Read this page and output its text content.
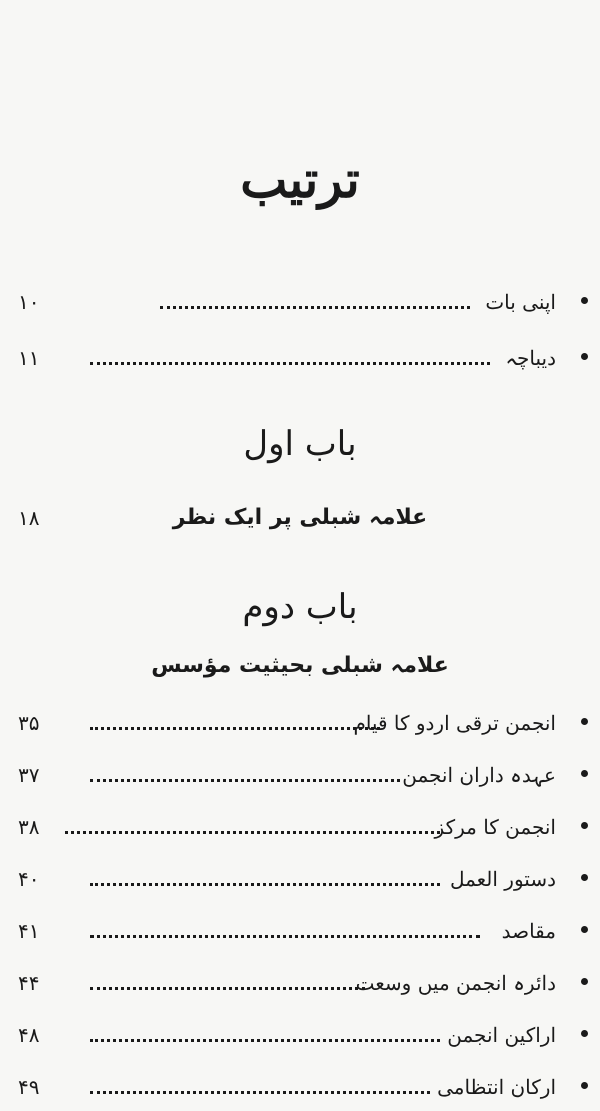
ترتیب
اپنی بات
۱۰
دیباچہ
۱۱
باب اول
علامہ شبلی پر ایک نظر
۱۸
باب دوم
علامہ شبلی بحیثیت مؤسس
انجمن ترقی اردو کا قیام
۳۵
عہدہ داران انجمن
۳۷
انجمن کا مرکز
۳۸
دستور العمل
۴۰
مقاصد
۴۱
دائرہ انجمن میں وسعت
۴۴
اراکین انجمن
۴۸
ارکان انتظامی
۴۹
